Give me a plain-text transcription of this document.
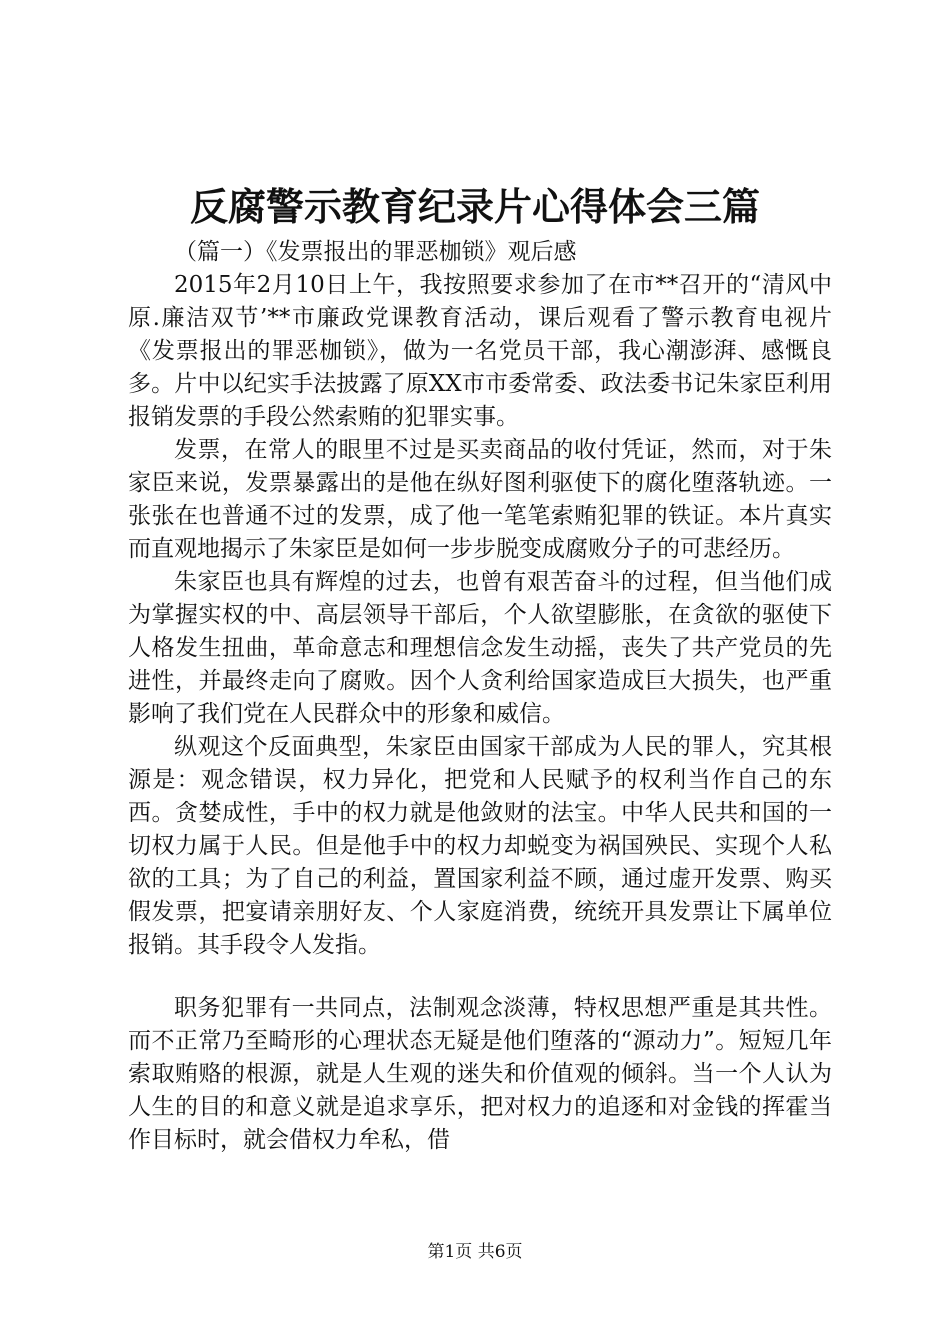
反腐警示教育纪录片心得体会三篇

（篇一）《发票报出的罪恶枷锁》观后感

2015年2月10日上午，我按照要求参加了在市**召开的“清风中原.廉洁双节’**市廉政党课教育活动，课后观看了警示教育电视片《发票报出的罪恶枷锁》，做为一名党员干部，我心潮澎湃、感慨良多。片中以纪实手法披露了原XX市市委常委、政法委书记朱家臣利用报销发票的手段公然索贿的犯罪实事。

发票，在常人的眼里不过是买卖商品的收付凭证，然而，对于朱家臣来说，发票暴露出的是他在纵好图利驱使下的腐化堕落轨迹。一张张在也普通不过的发票，成了他一笔笔索贿犯罪的铁证。本片真实而直观地揭示了朱家臣是如何一步步脱变成腐败分子的可悲经历。

朱家臣也具有辉煌的过去，也曾有艰苦奋斗的过程，但当他们成为掌握实权的中、高层领导干部后，个人欲望膨胀，在贪欲的驱使下人格发生扭曲，革命意志和理想信念发生动摇，丧失了共产党员的先进性，并最终走向了腐败。因个人贪利给国家造成巨大损失，也严重影响了我们党在人民群众中的形象和威信。

纵观这个反面典型，朱家臣由国家干部成为人民的罪人，究其根源是：观念错误，权力异化，把党和人民赋予的权利当作自己的东西。贪婪成性，手中的权力就是他敛财的法宝。中华人民共和国的一切权力属于人民。但是他手中的权力却蜕变为祸国殃民、实现个人私欲的工具；为了自己的利益，置国家利益不顾，通过虚开发票、购买假发票，把宴请亲朋好友、个人家庭消费，统统开具发票让下属单位报销。其手段令人发指。

职务犯罪有一共同点，法制观念淡薄，特权思想严重是其共性。而不正常乃至畸形的心理状态无疑是他们堕落的“源动力”。短短几年索取贿赂的根源，就是人生观的迷失和价值观的倾斜。当一个人认为人生的目的和意义就是追求享乐，把对权力的追逐和对金钱的挥霍当作目标时，就会借权力牟私，借

第1页 共6页
